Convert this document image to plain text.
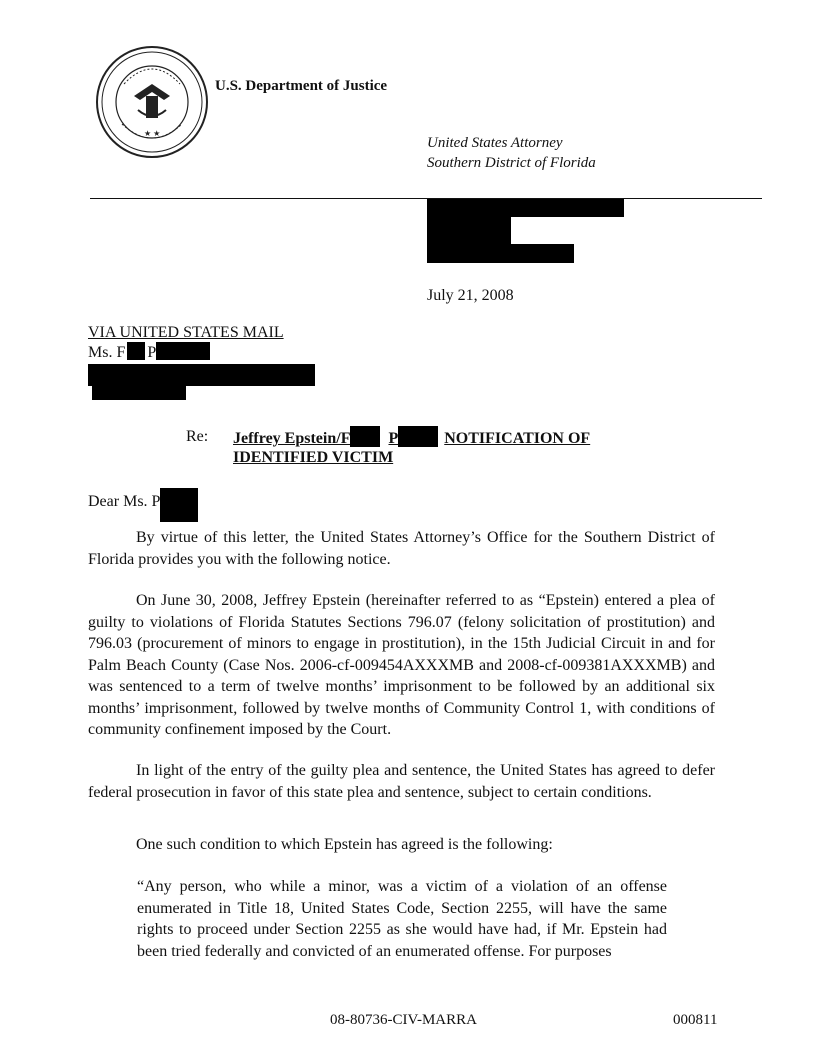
★ ★
U.S. Department of Justice
United States Attorney
Southern District of Florida
July 21, 2008
VIA UNITED STATES MAIL
Ms. F P
Re: Jeffrey Epstein/F P	NOTIFICATION OF
IDENTIFIED VICTIM
Dear Ms. P
By virtue of this letter, the United States Attorney’s Office for the Southern District of Florida provides you with the following notice.
On June 30, 2008, Jeffrey Epstein (hereinafter referred to as “Epstein) entered a plea of guilty to violations of Florida Statutes Sections 796.07 (felony solicitation of prostitution) and 796.03 (procurement of minors to engage in prostitution), in the 15th Judicial Circuit in and for Palm Beach County (Case Nos. 2006-cf-009454AXXXMB and 2008-cf-009381AXXXMB) and was sentenced to a term of twelve months’ imprisonment to be followed by an additional six months’ imprisonment, followed by twelve months of Community Control 1, with conditions of community confinement imposed by the Court.
In light of the entry of the guilty plea and sentence, the United States has agreed to defer federal prosecution in favor of this state plea and sentence, subject to certain conditions.
One such condition to which Epstein has agreed is the following:
“Any person, who while a minor, was a victim of a violation of an offense enumerated in Title 18, United States Code, Section 2255, will have the same rights to proceed under Section 2255 as she would have had, if Mr. Epstein had been tried federally and convicted of an enumerated offense. For purposes
08-80736-CIV-MARRA	000811
